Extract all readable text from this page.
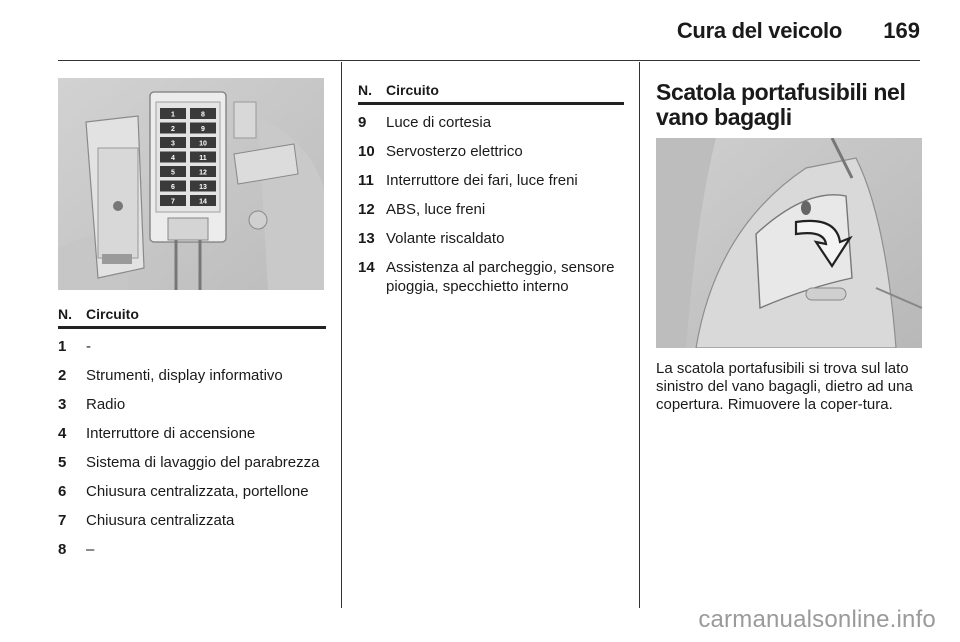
Cura del veicolo 169
1
2
3
4
5
6
7
8
9
10
11
12
13
14
N.	Circuito
1	-
2	Strumenti, display informativo
3	Radio
4	Interruttore di accensione
5	Sistema di lavaggio del parabrezza
6	Chiusura centralizzata, portellone
7	Chiusura centralizzata
8	–
N.	Circuito
9	Luce di cortesia
10 Servosterzo elettrico
11 Interruttore dei fari, luce freni
12 ABS, luce freni
13 Volante riscaldato
14 Assistenza al parcheggio, sensore pioggia, specchietto interno
Scatola portafusibili nel vano bagagli
La scatola portafusibili si trova sul lato sinistro del vano bagagli, dietro ad una copertura. Rimuovere la coper-tura.
carmanualsonline.info
